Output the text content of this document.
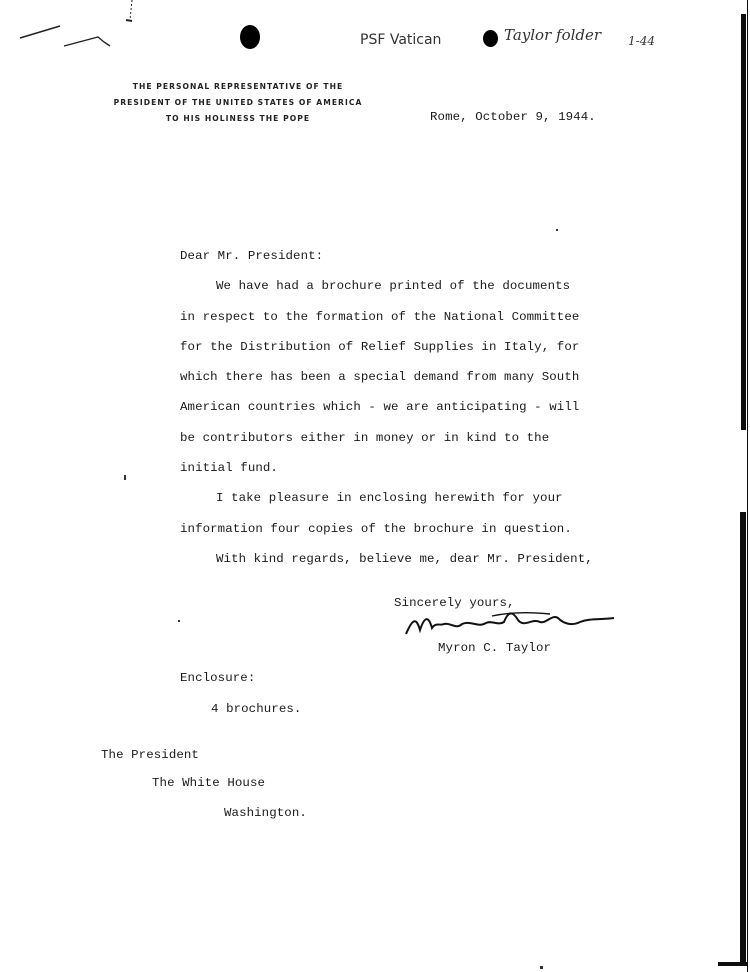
PSF Vatican	Taylor folder 1-44
THE PERSONAL REPRESENTATIVE OF THE
PRESIDENT OF THE UNITED STATES OF AMERICA
TO HIS HOLINESS THE POPE	Rome, October 9, 1944.
Dear Mr. President:
We have had a brochure printed of the documents
in respect to the formation of the National Committee
for the Distribution of Relief Supplies in Italy, for
which there has been a special demand from many South
American countries which - we are anticipating - will
be contributors either in money or in kind to the
initial fund.
I take pleasure in enclosing herewith for your
information four copies of the brochure in question.
With kind regards, believe me, dear Mr. President,
Sincerely yours,
Myron C. Taylor
Enclosure:
4 brochures.
The President
The White House
Washington.
